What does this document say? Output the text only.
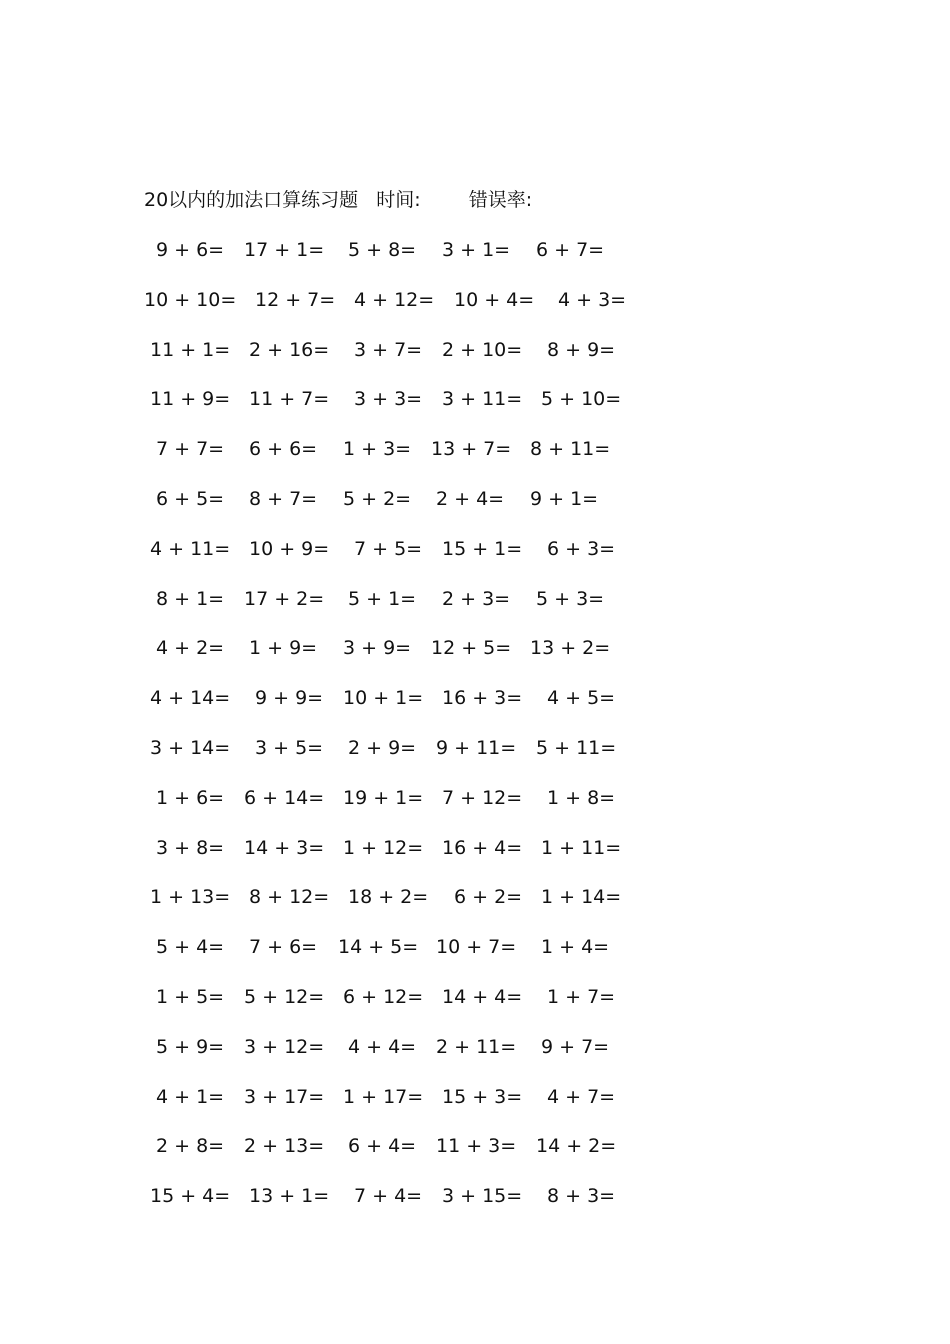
20以内的加法口算练习题 时间:	错误率:
9 + 6= 17 + 1= 5 + 8= 3 + 1= 6 + 7=
10 + 10= 12 + 7= 4 + 12= 10 + 4= 4 + 3=
11 + 1= 2 + 16= 3 + 7= 2 + 10= 8 + 9=
11 + 9= 11 + 7= 3 + 3= 3 + 11= 5 + 10=
7 + 7= 6 + 6= 1 + 3= 13 + 7= 8 + 11=
6 + 5= 8 + 7= 5 + 2= 2 + 4= 9 + 1=
4 + 11= 10 + 9= 7 + 5= 15 + 1= 6 + 3=
8 + 1= 17 + 2= 5 + 1= 2 + 3= 5 + 3=
4 + 2= 1 + 9= 3 + 9= 12 + 5= 13 + 2=
4 + 14= 9 + 9= 10 + 1= 16 + 3= 4 + 5=
3 + 14= 3 + 5= 2 + 9= 9 + 11= 5 + 11=
1 + 6= 6 + 14= 19 + 1= 7 + 12= 1 + 8=
3 + 8= 14 + 3= 1 + 12= 16 + 4= 1 + 11=
1 + 13= 8 + 12= 18 + 2= 6 + 2= 1 + 14=
5 + 4= 7 + 6= 14 + 5= 10 + 7= 1 + 4=
1 + 5= 5 + 12= 6 + 12= 14 + 4= 1 + 7=
5 + 9= 3 + 12= 4 + 4= 2 + 11= 9 + 7=
4 + 1= 3 + 17= 1 + 17= 15 + 3= 4 + 7=
2 + 8= 2 + 13= 6 + 4= 11 + 3= 14 + 2=
15 + 4= 13 + 1= 7 + 4= 3 + 15= 8 + 3=
